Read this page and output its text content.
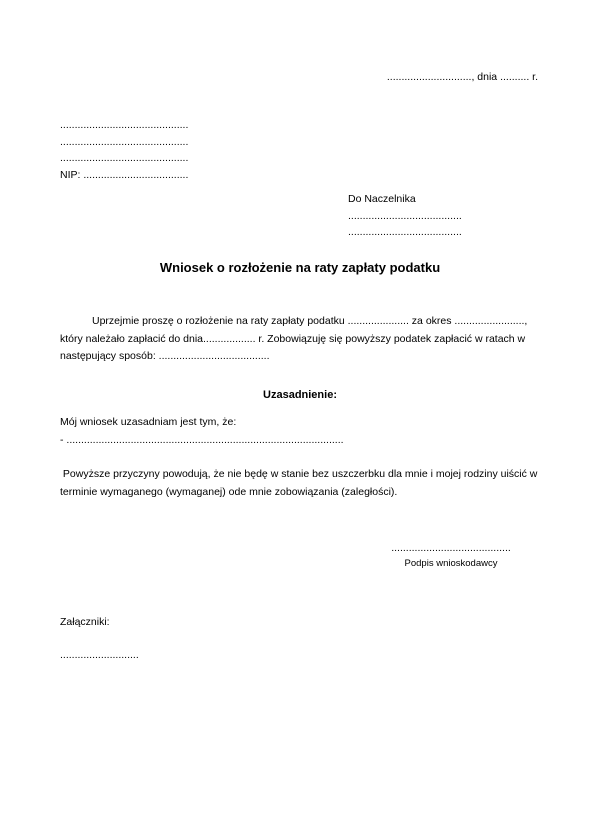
............................., dnia .......... r.
............................................
............................................
............................................
NIP: ....................................
Do Naczelnika
.......................................
.......................................
Wniosek o rozłożenie na raty zapłaty podatku
Uprzejmie proszę o rozłożenie na raty zapłaty podatku ..................... za okres ........................,
który należało zapłacić do dnia.................. r. Zobowiązuję się powyższy podatek zapłacić w ratach w
następujący sposób: ......................................
Uzasadnienie:
Mój wniosek uzasadniam jest tym, że:
- ...............................................................................................
Powyższe przyczyny powodują, że nie będę w stanie bez uszczerbku dla mnie i mojej rodziny uiścić w
terminie wymaganego (wymaganej) ode mnie zobowiązania (zaległości).
.........................................
Podpis wnioskodawcy
Załączniki:
...........................
